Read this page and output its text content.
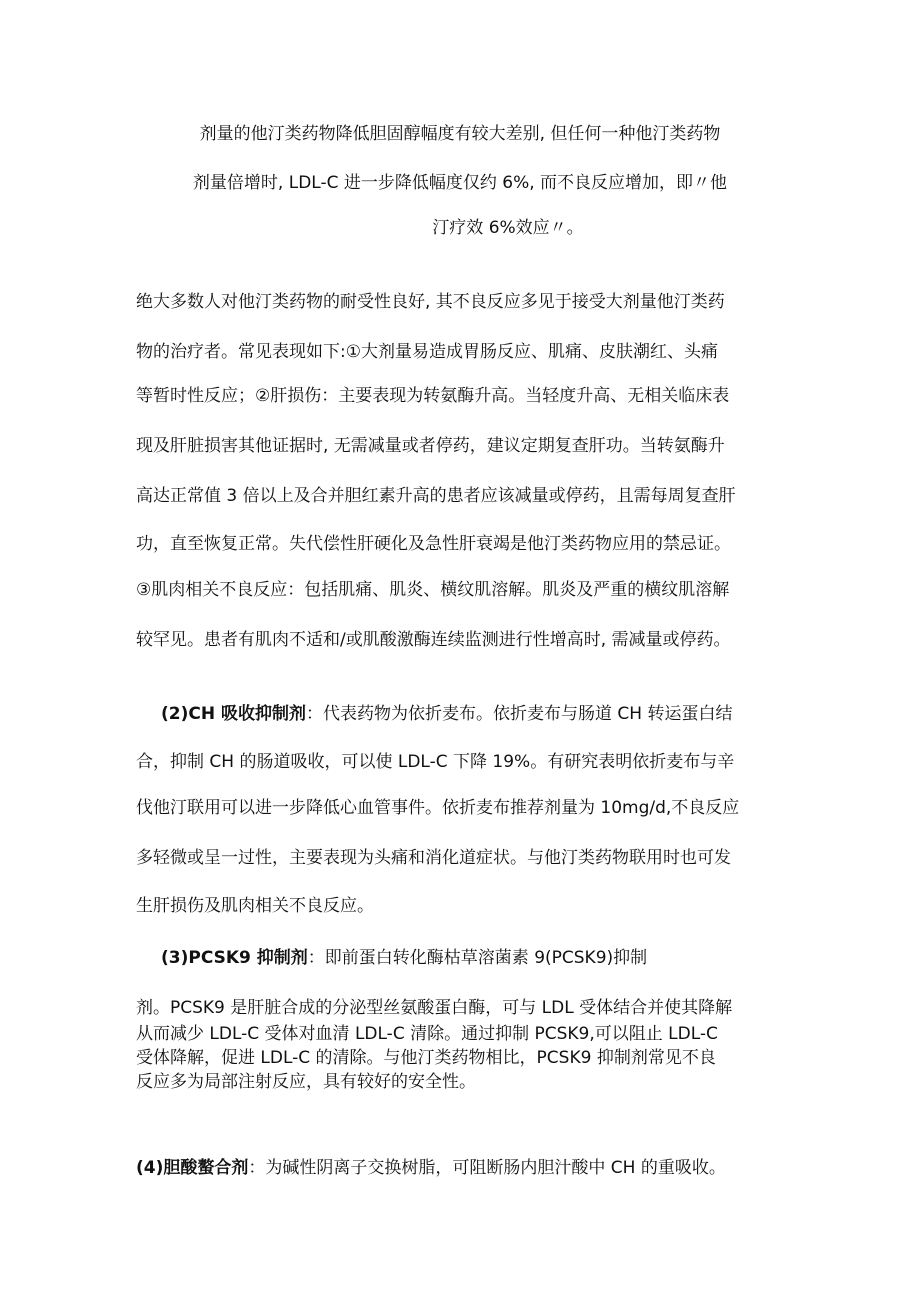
剂量的他汀类药物降低胆固醇幅度有较大差别, 但任何一种他汀类药物
剂量倍增时, LDL-C 进一步降低幅度仅约 6%, 而不良反应增加，即〃他
汀疗效 6%效应〃。
绝大多数人对他汀类药物的耐受性良好, 其不良反应多见于接受大剂量他汀类药
物的治疗者。常见表现如下:①大剂量易造成胃肠反应、肌痛、皮肤潮红、头痛
等暂时性反应；②肝损伤：主要表现为转氨酶升高。当轻度升高、无相关临床表
现及肝脏损害其他证据时, 无需减量或者停药，建议定期复查肝功。当转氨酶升
高达正常值 3 倍以上及合并胆红素升高的患者应该减量或停药，且需每周复查肝
功，直至恢复正常。失代偿性肝硬化及急性肝衰竭是他汀类药物应用的禁忌证。
③肌肉相关不良反应：包括肌痛、肌炎、横纹肌溶解。肌炎及严重的横纹肌溶解
较罕见。患者有肌肉不适和/或肌酸激酶连续监测进行性增高时, 需减量或停药。
(2)CH 吸收抑制剂：代表药物为依折麦布。依折麦布与肠道 CH 转运蛋白结
合，抑制 CH 的肠道吸收，可以使 LDL-C 下降 19%。有研究表明依折麦布与辛
伐他汀联用可以进一步降低心血管事件。依折麦布推荐剂量为 10mg/d,不良反应
多轻微或呈一过性，主要表现为头痛和消化道症状。与他汀类药物联用时也可发
生肝损伤及肌肉相关不良反应。
(3)PCSK9 抑制剂：即前蛋白转化酶枯草溶菌素 9(PCSK9)抑制
剂。PCSK9 是肝脏合成的分泌型丝氨酸蛋白酶，可与 LDL 受体结合并使其降解
从而减少 LDL-C 受体对血清 LDL-C 清除。通过抑制 PCSK9,可以阻止 LDL-C
受体降解，促进 LDL-C 的清除。与他汀类药物相比，PCSK9 抑制剂常见不良
反应多为局部注射反应，具有较好的安全性。
(4)胆酸螯合剂：为碱性阴离子交换树脂，可阻断肠内胆汁酸中 CH 的重吸收。
